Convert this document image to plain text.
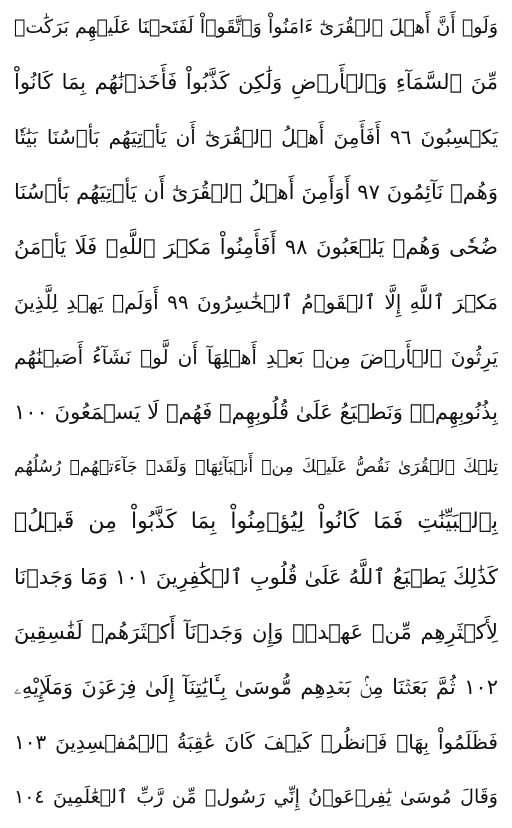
وَلَوۡ أَنَّ أَهۡلَ ٱلۡقُرَىٰٓ ءَامَنُواْ وَٱتَّقَوۡاْ لَفَتَحۡنَا عَلَيۡهِم بَرَكَٰتٖ
مِّنَ ٱلسَّمَآءِ وَٱلۡأَرۡضِ وَلَٰكِن كَذَّبُواْ فَأَخَذۡنَٰهُم بِمَا كَانُواْ
يَكۡسِبُونَ ٩٦ أَفَأَمِنَ أَهۡلُ ٱلۡقُرَىٰٓ أَن يَأۡتِيَهُم بَأۡسُنَا بَيَٰتٗا
وَهُمۡ نَآئِمُونَ ٩٧ أَوَأَمِنَ أَهۡلُ ٱلۡقُرَىٰٓ أَن يَأۡتِيَهُم بَأۡسُنَا
ضُحٗى وَهُمۡ يَلۡعَبُونَ ٩٨ أَفَأَمِنُواْ مَكۡرَ ٱللَّهِۚ فَلَا يَأۡمَنُ
مَكۡرَ ٱللَّهِ إِلَّا ٱلۡقَوۡمُ ٱلۡخَٰسِرُونَ ٩٩ أَوَلَمۡ يَهۡدِ لِلَّذِينَ
يَرِثُونَ ٱلۡأَرۡضَ مِنۢ بَعۡدِ أَهۡلِهَآ أَن لَّوۡ نَشَآءُ أَصَبۡنَٰهُم
بِذُنُوبِهِمۡۚ وَنَطۡبَعُ عَلَىٰ قُلُوبِهِمۡ فَهُمۡ لَا يَسۡمَعُونَ ١٠٠
تِلۡكَ ٱلۡقُرَىٰ نَقُصُّ عَلَيۡكَ مِنۡ أَنۢبَآئِهَاۚ وَلَقَدۡ جَآءَتۡهُمۡ رُسُلُهُم
بِٱلۡبَيِّنَٰتِ فَمَا كَانُواْ لِيُؤۡمِنُواْ بِمَا كَذَّبُواْ مِن قَبۡلُۚ
كَذَٰلِكَ يَطۡبَعُ ٱللَّهُ عَلَىٰ قُلُوبِ ٱلۡكَٰفِرِينَ ١٠١ وَمَا وَجَدۡنَا
لِأَكۡثَرِهِم مِّنۡ عَهۡدٖۖ وَإِن وَجَدۡنَآ أَكۡثَرَهُمۡ لَفَٰسِقِينَ
١٠٢ ثُمَّ بَعَثۡنَا مِنۢ بَعۡدِهِم مُّوسَىٰ بِـَٔايَٰتِنَآ إِلَىٰ فِرۡعَوۡنَ وَمَلَإِيْهِۦ
فَظَلَمُواْ بِهَاۖ فَٱنظُرۡ كَيۡفَ كَانَ عَٰقِبَةُ ٱلۡمُفۡسِدِينَ ١٠٣
وَقَالَ مُوسَىٰ يَٰفِرۡعَوۡنُ إِنِّي رَسُولٞ مِّن رَّبِّ ٱلۡعَٰلَمِينَ ١٠٤
